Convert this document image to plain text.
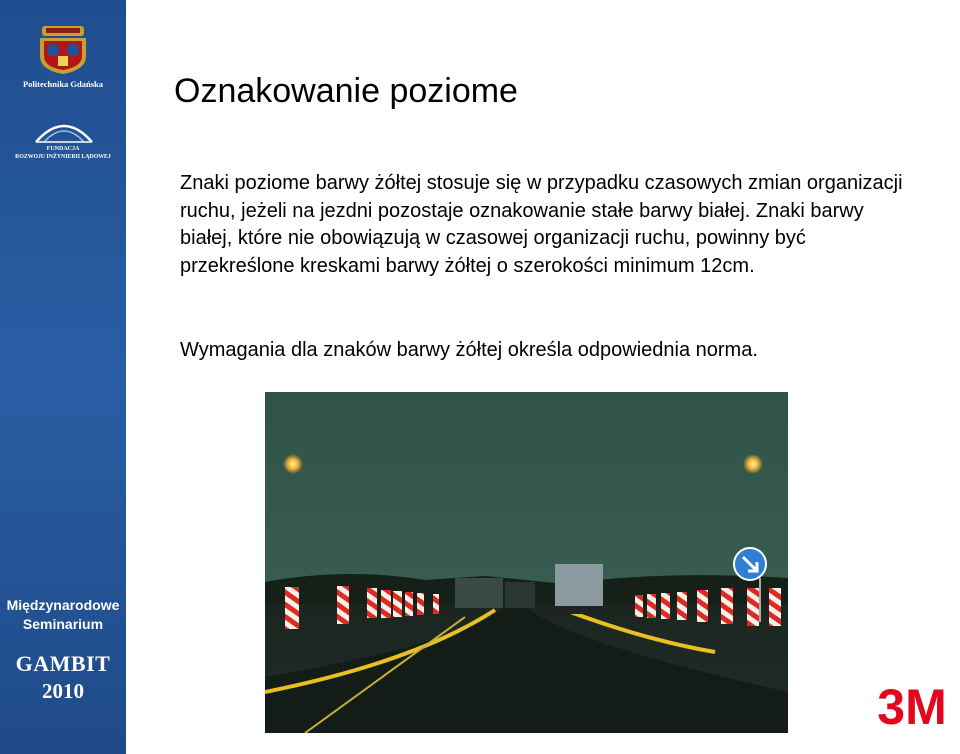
Politechnika Gdańska
FUNDACJA
ROZWOJU INŻYNIERII LĄDOWEJ
Międzynarodowe
Seminarium
GAMBIT
2010
Oznakowanie poziome

Znaki poziome barwy żółtej stosuje się w przypadku czasowych zmian organizacji ruchu, jeżeli na jezdni pozostaje oznakowanie stałe barwy białej. Znaki barwy białej, które nie obowiązują w czasowej organizacji ruchu, powinny być przekreślone kreskami barwy żółtej o szerokości minimum 12cm.

Wymagania dla znaków barwy żółtej określa odpowiednia norma.

3M
